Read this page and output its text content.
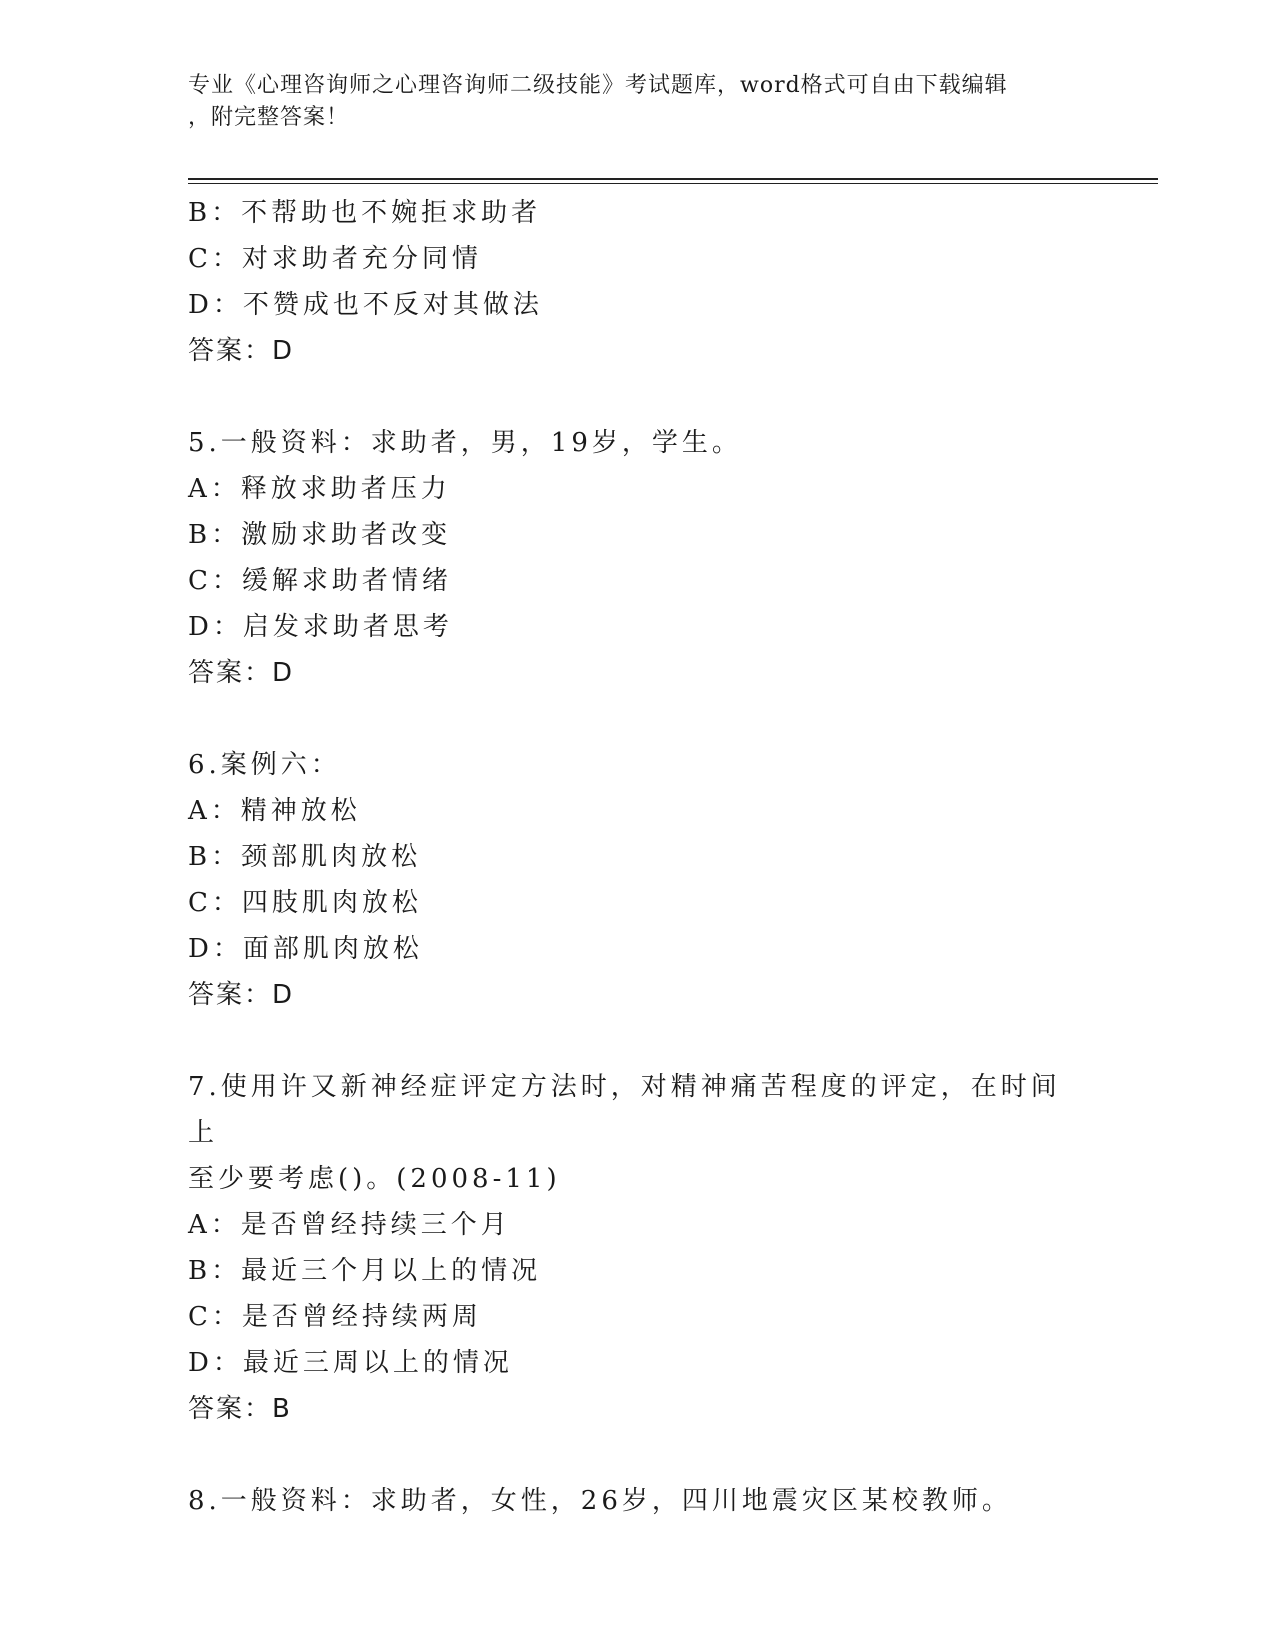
专业《心理咨询师之心理咨询师二级技能》考试题库，word格式可自由下载编辑
，附完整答案！
B：不帮助也不婉拒求助者
C：对求助者充分同情
D：不赞成也不反对其做法
答案：D
5.一般资料：求助者，男，19岁，学生。
A：释放求助者压力
B：激励求助者改变
C：缓解求助者情绪
D：启发求助者思考
答案：D
6.案例六：
A：精神放松
B：颈部肌肉放松
C：四肢肌肉放松
D：面部肌肉放松
答案：D
7.使用许又新神经症评定方法时，对精神痛苦程度的评定，在时间上
至少要考虑()。(2008-11)
A：是否曾经持续三个月
B：最近三个月以上的情况
C：是否曾经持续两周
D：最近三周以上的情况
答案：B
8.一般资料：求助者，女性，26岁，四川地震灾区某校教师。
